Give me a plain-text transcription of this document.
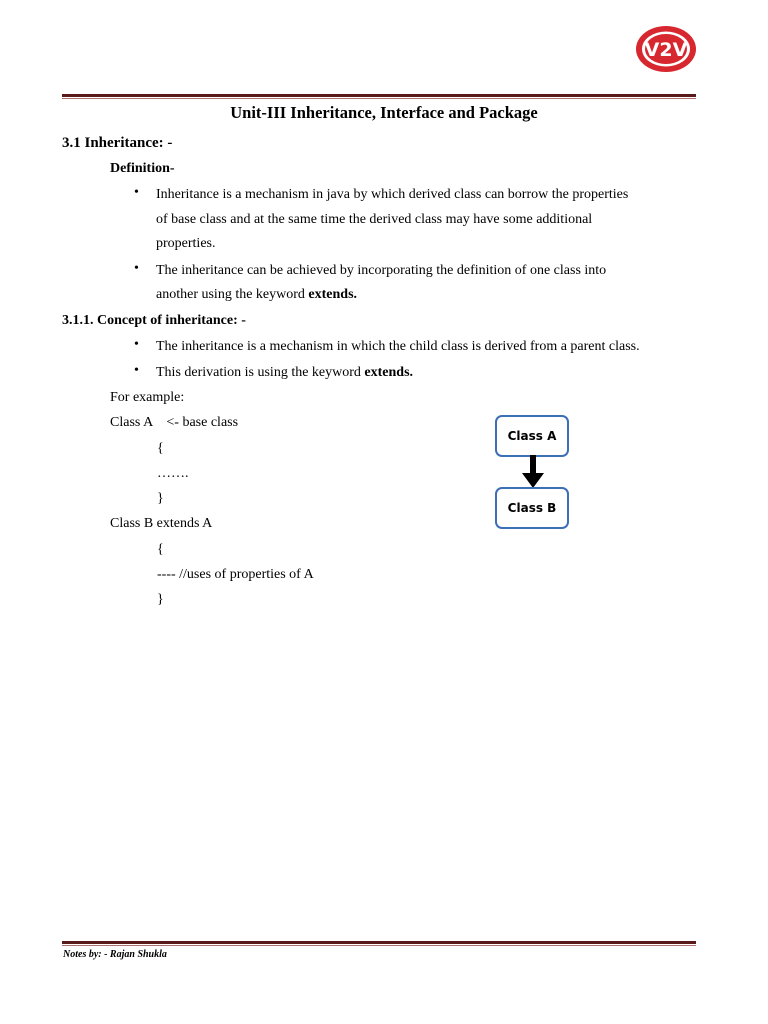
V2V
Unit-III Inheritance, Interface and Package
3.1 Inheritance: -
Definition-
• Inheritance is a mechanism in java by which derived class can borrow the properties
of base class and at the same time the derived class may have some additional
properties.
• The inheritance can be achieved by incorporating the definition of one class into
another using the keyword extends.
3.1.1. Concept of inheritance: -
• The inheritance is a mechanism in which the child class is derived from a parent class.
• This derivation is using the keyword extends.
For example:
Class A    <- base class
{
…….
}
Class B extends A
{
---- //uses of properties of A
}
Class A
Class B
Notes by: - Rajan Shukla
